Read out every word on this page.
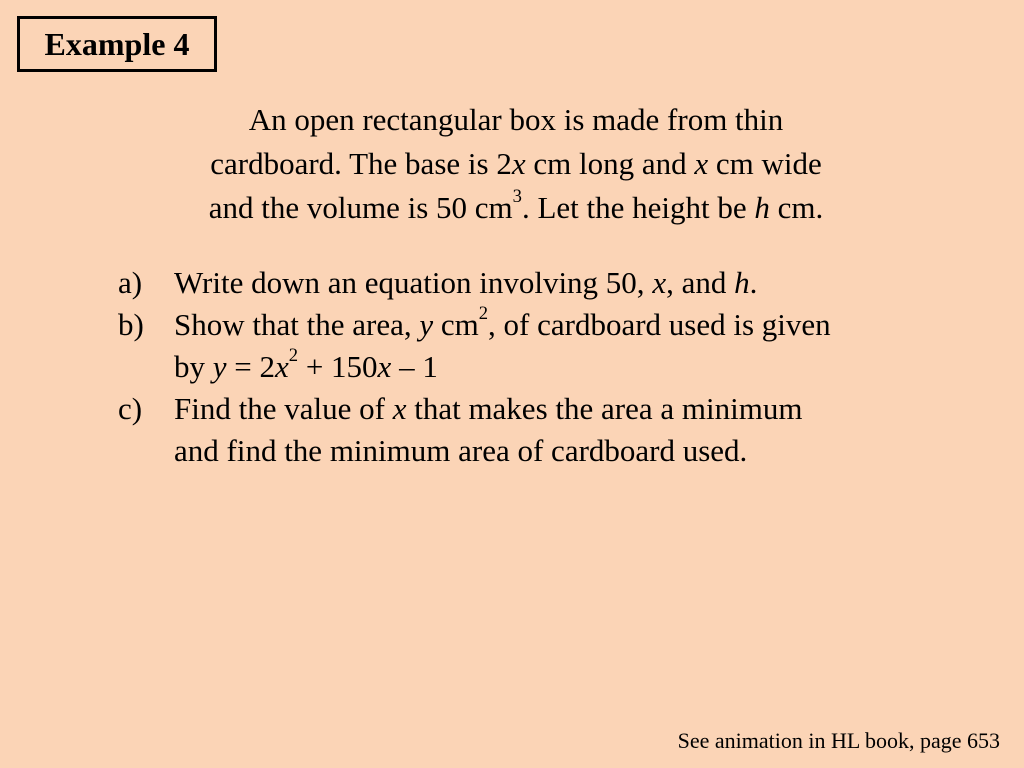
Example 4
An open rectangular box is made from thin
cardboard. The base is 2x cm long and x cm wide
and the volume is 50 $cm^3$. Let the height be h cm.
a)	Write down an equation involving 50, x, and h.
b) Show that the area, y $cm^2$, of cardboard used is given
by $y = 2x^2 + 150x - 1$
c)	Find the value of x that makes the area a minimum
and find the minimum area of cardboard used.
See animation in HL book, page 653
